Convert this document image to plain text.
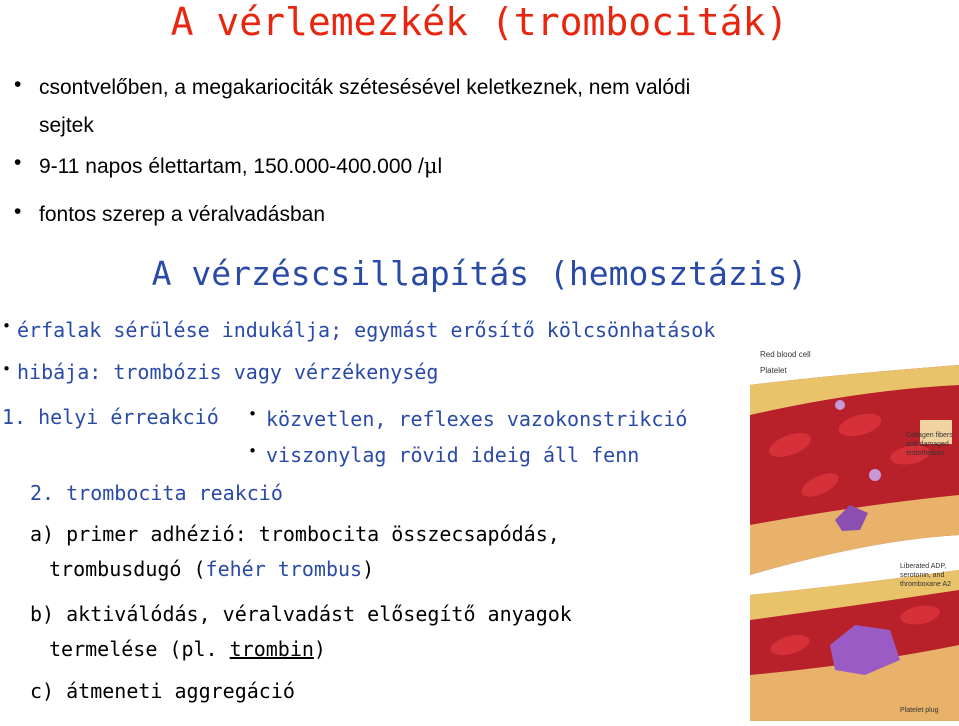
A vérlemezkék (trombociták)
• csontvelőben, a megakariociták szétesésével keletkeznek, nem valódi
sejtek
• 9-11 napos élettartam, 150.000-400.000 /μl
• fontos szerep a véralvadásban
A vérzéscsillapítás (hemosztázis)
• érfalak sérülése indukálja; egymást erősítő kölcsönhatások
• hibája: trombózis vagy vérzékenység
1. helyi érreakció • közvetlen, reflexes vazokonstrikció
• viszonylag rövid ideig áll fenn
2. trombocita reakció
a) primer adhézió: trombocita összecsapódás,
trombusdugó (fehér trombus)
b) aktiválódás, véralvadást elősegítő anyagok
termelése (pl. trombin)
c) átmeneti aggregáció
Red blood cell
Platelet
Collagen fibers
and damaged
endothelium
Liberated ADP,
serotonin, and
thromboxane A2
Platelet plug
